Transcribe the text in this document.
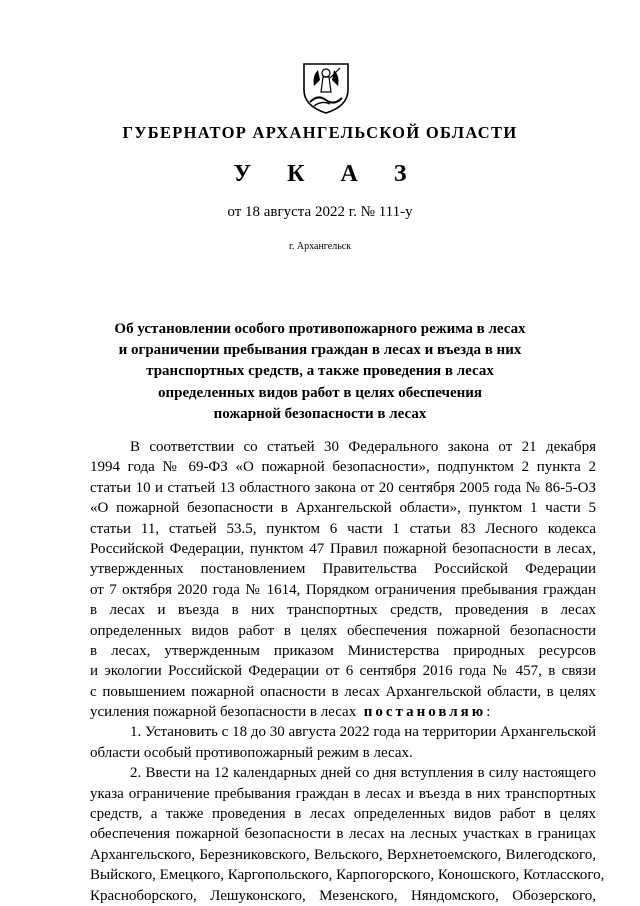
ГУБЕРНАТОР АРХАНГЕЛЬСКОЙ ОБЛАСТИ
У К А З
от 18 августа 2022 г. № 111-у
г. Архангельск
Об установлении особого противопожарного режима в лесах
и ограничении пребывания граждан в лесах и въезда в них
транспортных средств, а также проведения в лесах
определенных видов работ в целях обеспечения
пожарной безопасности в лесах
В соответствии со статьей 30 Федерального закона от 21 декабря
1994 года № 69-ФЗ «О пожарной безопасности», подпунктом 2 пункта 2
статьи 10 и статьей 13 областного закона от 20 сентября 2005 года № 86-5-ОЗ
«О пожарной безопасности в Архангельской области», пунктом 1 части 5
статьи 11, статьей 53.5, пунктом 6 части 1 статьи 83 Лесного кодекса
Российской Федерации, пунктом 47 Правил пожарной безопасности в лесах,
утвержденных постановлением Правительства Российской Федерации
от 7 октября 2020 года № 1614, Порядком ограничения пребывания граждан
в лесах и въезда в них транспортных средств, проведения в лесах
определенных видов работ в целях обеспечения пожарной безопасности
в лесах, утвержденным приказом Министерства природных ресурсов
и экологии Российской Федерации от 6 сентября 2016 года № 457, в связи
с повышением пожарной опасности в лесах Архангельской области, в целях
усиления пожарной безопасности в лесах постановляю:
1. Установить с 18 до 30 августа 2022 года на территории Архангельской
области особый противопожарный режим в лесах.
2. Ввести на 12 календарных дней со дня вступления в силу настоящего
указа ограничение пребывания граждан в лесах и въезда в них транспортных
средств, а также проведения в лесах определенных видов работ в целях
обеспечения пожарной безопасности в лесах на лесных участках в границах
Архангельского, Березниковского, Вельского, Верхнетоемского, Вилегодского,
Выйского, Емецкого, Каргопольского, Карпогорского, Коношского, Котласского,
Красноборского, Лешуконского, Мезенского, Няндомского, Обозерского,
